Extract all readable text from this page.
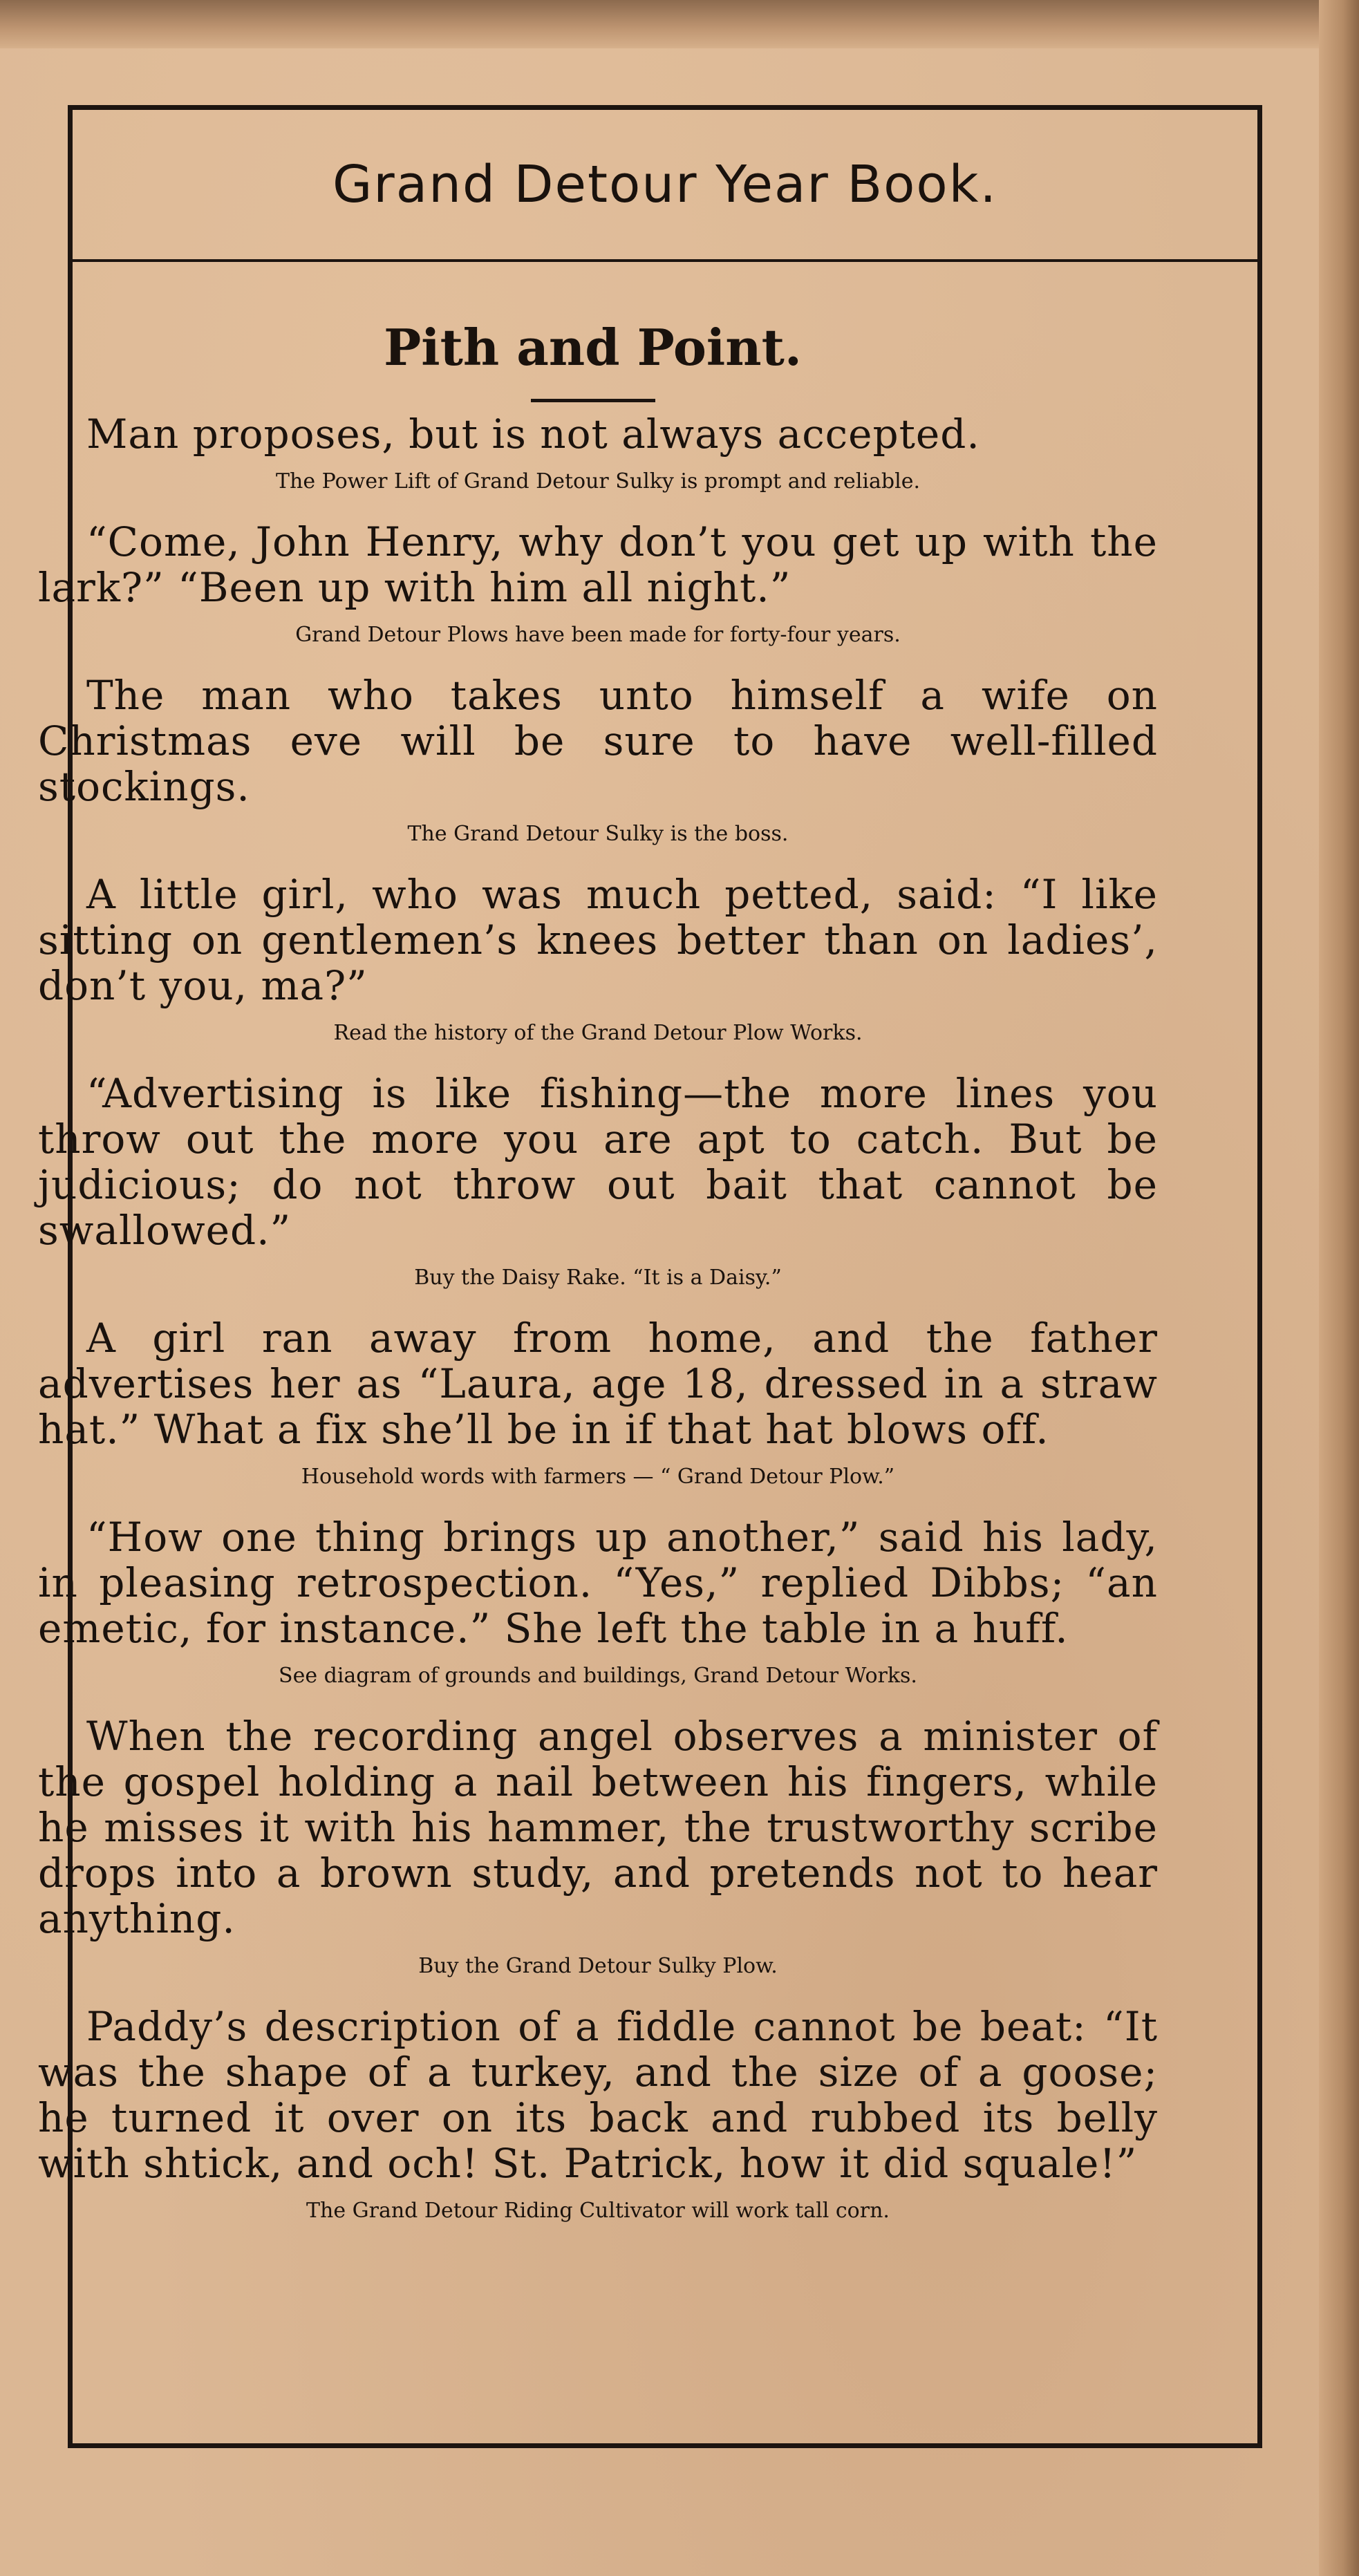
Grand Detour Year Book.
Pith and Point.

Man proposes, but is not always accepted.

The Power Lift of Grand Detour Sulky is prompt and reliable.

“Come, John Henry, why don’t you get up with the lark?” “Been up with him all night.”

Grand Detour Plows have been made for forty-four years.

The man who takes unto himself a wife on Christmas eve will be sure to have well-filled stockings.

The Grand Detour Sulky is the boss.

A little girl, who was much petted, said: “I like sitting on gentlemen’s knees better than on ladies’, don’t you, ma?”

Read the history of the Grand Detour Plow Works.

“Advertising is like fishing—the more lines you throw out the more you are apt to catch. But be judicious; do not throw out bait that cannot be swallowed.”

Buy the Daisy Rake. “It is a Daisy.”

A girl ran away from home, and the father advertises her as “Laura, age 18, dressed in a straw hat.” What a fix she’ll be in if that hat blows off.

Household words with farmers — “ Grand Detour Plow.”

“How one thing brings up another,” said his lady, in pleasing retrospection. “Yes,” replied Dibbs; “an emetic, for instance.” She left the table in a huff.

See diagram of grounds and buildings, Grand Detour Works.

When the recording angel observes a minister of the gospel holding a nail between his fingers, while he misses it with his hammer, the trustworthy scribe drops into a brown study, and pretends not to hear anything.

Buy the Grand Detour Sulky Plow.

Paddy’s description of a fiddle cannot be beat: “It was the shape of a turkey, and the size of a goose; he turned it over on its back and rubbed its belly with shtick, and och! St. Patrick, how it did squale!”

The Grand Detour Riding Cultivator will work tall corn.
